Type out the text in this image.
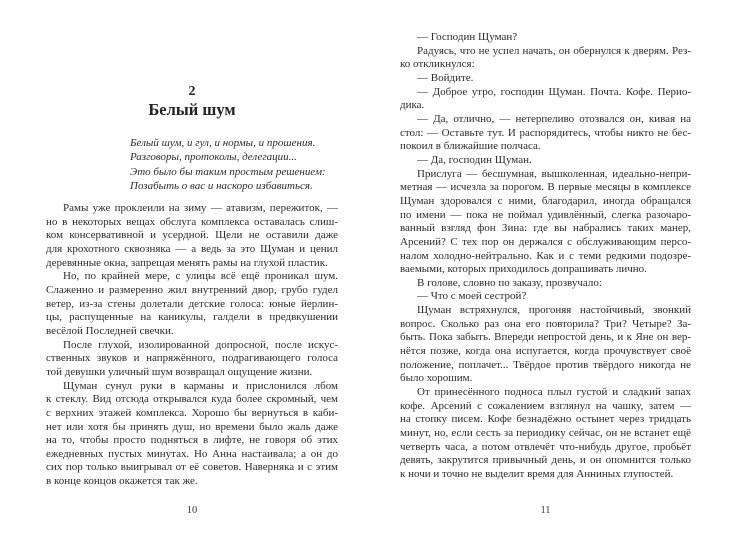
2
Белый шум
Белый шум, и гул, и нормы, и прошения.
Разговоры, протоколы, делегации...
Это было бы таким простым решением:
Позабыть о вас и наскоро избавиться.
Рамы уже проклеили на зиму — атавизм, пережиток, —
но в некоторых вещах обслуга комплекса оставалась слиш-
ком консервативной и усердной. Щели не оставили даже
для крохотного сквозняка — а ведь за это Щуман и ценил
деревянные окна, запрещая менять рамы на глухой пластик.
Но, по крайней мере, с улицы всё ещё проникал шум.
Слаженно и размеренно жил внутренний двор, грубо гудел
ветер, из-за стены долетали детские голоса: юные йерлин-
цы, распущенные на каникулы, галдели в предвкушении
весёлой Последней свечки.
После глухой, изолированной допросной, после искус-
ственных звуков и напряжённого, подрагивающего голоса
той девушки уличный шум возвращал ощущение жизни.
Щуман сунул руки в карманы и прислонился лбом
к стеклу. Вид отсюда открывался куда более скромный, чем
с верхних этажей комплекса. Хорошо бы вернуться в каби-
нет или хотя бы принять душ, но времени было жаль даже
на то, чтобы просто подняться в лифте, не говоря об этих
ежедневных пустых минутах. Но Анна настаивала; а он до
сих пор только выигрывал от её советов. Наверняка и с этим
в конце концов окажется так же.
10
— Господин Щуман?
Радуясь, что не успел начать, он обернулся к дверям. Рез-
ко откликнулся:
— Войдите.
— Доброе утро, господин Щуман. Почта. Кофе. Перио-
дика.
— Да, отлично, — нетерпеливо отозвался он, кивая на
стол: — Оставьте тут. И распорядитесь, чтобы никто не бес-
покоил в ближайшие полчаса.
— Да, господин Щуман.
Прислуга — бесшумная, вышколенная, идеально-непри-
метная — исчезла за порогом. В первые месяцы в комплексе
Щуман здоровался с ними, благодарил, иногда обращался
по имени — пока не поймал удивлённый, слегка разочаро-
ванный взгляд фон Зина: где вы набрались таких манер,
Арсений? С тех пор он держался с обслуживающим персо-
налом холодно-нейтрально. Как и с теми редкими подозре-
ваемыми, которых приходилось допрашивать лично.
В голове, словно по заказу, прозвучало:
— Что с моей сестрой?
Щуман встряхнулся, прогоняя настойчивый, звонкий
вопрос. Сколько раз она его повторила? Три? Четыре? За-
быть. Пока забыть. Впереди непростой день, и к Яне он вер-
нётся позже, когда она испугается, когда прочувствует своё
положение, поплачет... Твёрдое против твёрдого никогда не
было хорошим.
От принесённого подноса плыл густой и сладкий запах
кофе. Арсений с сожалением взглянул на чашку, затем —
на стопку писем. Кофе безнадёжно остынет через тридцать
минут, но, если сесть за периодику сейчас, он не встанет ещё
четверть часа, а потом отвлечёт что-нибудь другое, пробьёт
девять, закрутится привычный день, и он опомнится только
к ночи и точно не выделит время для Анниных глупостей.
11
